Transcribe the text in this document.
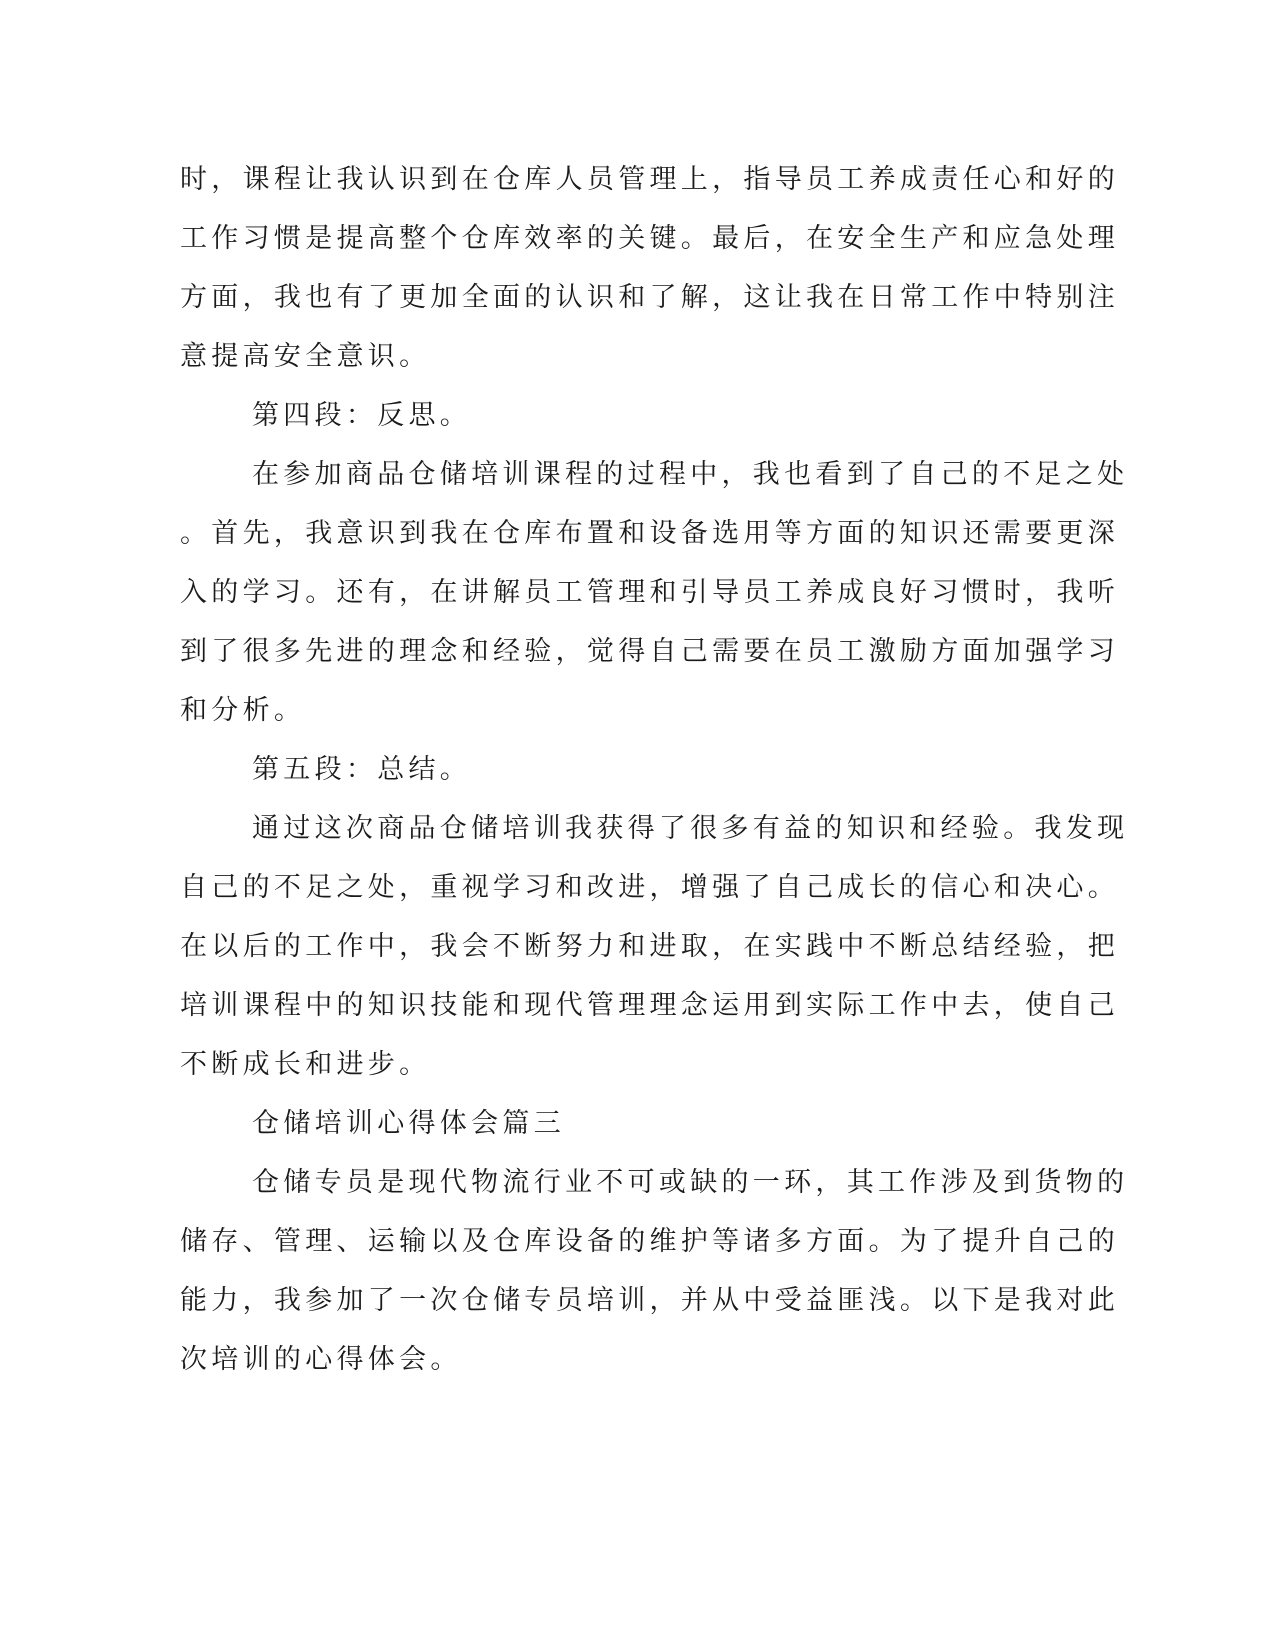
时，课程让我认识到在仓库人员管理上，指导员工养成责任心和好的
工作习惯是提高整个仓库效率的关键。最后，在安全生产和应急处理
方面，我也有了更加全面的认识和了解，这让我在日常工作中特别注
意提高安全意识。
第四段：反思。
在参加商品仓储培训课程的过程中，我也看到了自己的不足之处
。首先，我意识到我在仓库布置和设备选用等方面的知识还需要更深
入的学习。还有，在讲解员工管理和引导员工养成良好习惯时，我听
到了很多先进的理念和经验，觉得自己需要在员工激励方面加强学习
和分析。
第五段：总结。
通过这次商品仓储培训我获得了很多有益的知识和经验。我发现
自己的不足之处，重视学习和改进，增强了自己成长的信心和决心。
在以后的工作中，我会不断努力和进取，在实践中不断总结经验，把
培训课程中的知识技能和现代管理理念运用到实际工作中去，使自己
不断成长和进步。
仓储培训心得体会篇三
仓储专员是现代物流行业不可或缺的一环，其工作涉及到货物的
储存、管理、运输以及仓库设备的维护等诸多方面。为了提升自己的
能力，我参加了一次仓储专员培训，并从中受益匪浅。以下是我对此
次培训的心得体会。
